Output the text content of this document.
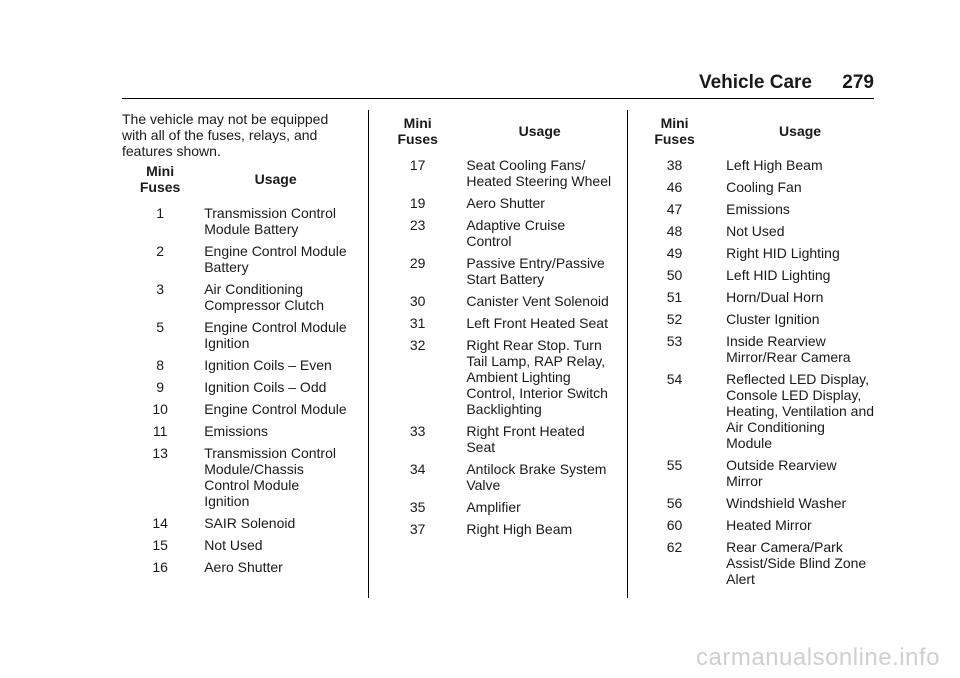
Vehicle Care 279

The vehicle may not be equipped with all of the fuses, relays, and features shown.

Mini Fuses	Usage
1	Transmission Control Module Battery
2	Engine Control Module Battery
3	Air Conditioning Compressor Clutch
5	Engine Control Module Ignition
8	Ignition Coils – Even
9	Ignition Coils – Odd
10	Engine Control Module
11	Emissions
13	Transmission Control Module/Chassis Control Module Ignition
14	SAIR Solenoid
15	Not Used
16	Aero Shutter
Mini Fuses	Usage
17	Seat Cooling Fans/ Heated Steering Wheel
19	Aero Shutter
23	Adaptive Cruise Control
29	Passive Entry/Passive Start Battery
30	Canister Vent Solenoid
31	Left Front Heated Seat
32	Right Rear Stop. Turn Tail Lamp, RAP Relay, Ambient Lighting Control, Interior Switch Backlighting
33	Right Front Heated Seat
34	Antilock Brake System Valve
35	Amplifier
37	Right High Beam
Mini Fuses	Usage
38	Left High Beam
46	Cooling Fan
47	Emissions
48	Not Used
49	Right HID Lighting
50	Left HID Lighting
51	Horn/Dual Horn
52	Cluster Ignition
53	Inside Rearview Mirror/Rear Camera
54	Reflected LED Display, Console LED Display, Heating, Ventilation and Air Conditioning Module
55	Outside Rearview Mirror
56	Windshield Washer
60	Heated Mirror
62	Rear Camera/Park Assist/Side Blind Zone Alert
carmanualsonline.info
